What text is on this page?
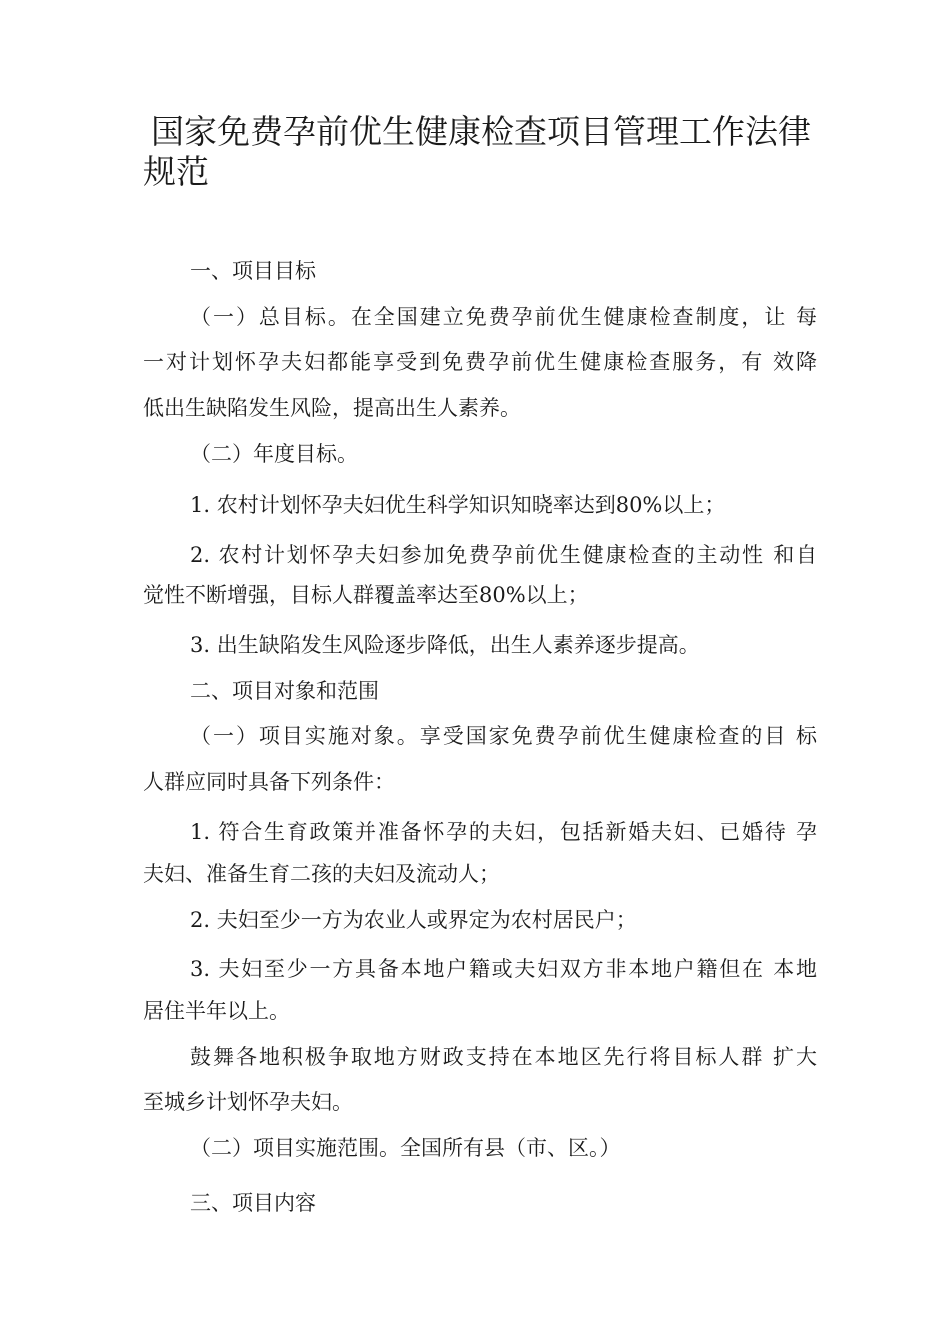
国家免费孕前优生健康检查项目管理工作法律
规范

一、项目目标

（一）总目标。在全国建立免费孕前优生健康检查制度，让 每

一对计划怀孕夫妇都能享受到免费孕前优生健康检查服务，有 效降

低出生缺陷发生风险，提高出生人素养。

（二）年度目标。

1. 农村计划怀孕夫妇优生科学知识知晓率达到80%以上；

2. 农村计划怀孕夫妇参加免费孕前优生健康检查的主动性 和自

觉性不断增强，目标人群覆盖率达至80%以上；

3. 出生缺陷发生风险逐步降低，出生人素养逐步提高。

二、项目对象和范围

（一）项目实施对象。享受国家免费孕前优生健康检查的目 标

人群应同时具备下列条件：

1. 符合生育政策并准备怀孕的夫妇，包括新婚夫妇、已婚待 孕

夫妇、准备生育二孩的夫妇及流动人；

2. 夫妇至少一方为农业人或界定为农村居民户；

3. 夫妇至少一方具备本地户籍或夫妇双方非本地户籍但在 本地

居住半年以上。

鼓舞各地积极争取地方财政支持在本地区先行将目标人群 扩大

至城乡计划怀孕夫妇。

（二）项目实施范围。全国所有县（市、区。）

三、项目内容
